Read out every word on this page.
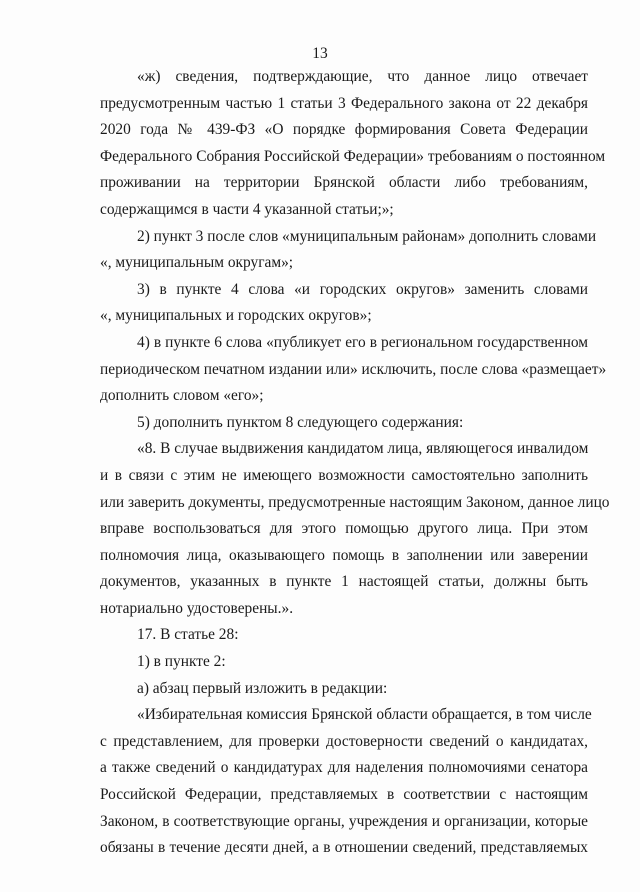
13
«ж) сведения, подтверждающие, что данное лицо отвечает
предусмотренным частью 1 статьи 3 Федерального закона от 22 декабря
2020 года № 439-ФЗ «О порядке формирования Совета Федерации
Федерального Собрания Российской Федерации» требованиям о постоянном
проживании на территории Брянской области либо требованиям,
содержащимся в части 4 указанной статьи;»;
2) пункт 3 после слов «муниципальным районам» дополнить словами
«, муниципальным округам»;
3) в пункте 4 слова «и городских округов» заменить словами
«, муниципальных и городских округов»;
4) в пункте 6 слова «публикует его в региональном государственном
периодическом печатном издании или» исключить, после слова «размещает»
дополнить словом «его»;
5) дополнить пунктом 8 следующего содержания:
«8. В случае выдвижения кандидатом лица, являющегося инвалидом
и в связи с этим не имеющего возможности самостоятельно заполнить
или заверить документы, предусмотренные настоящим Законом, данное лицо
вправе воспользоваться для этого помощью другого лица. При этом
полномочия лица, оказывающего помощь в заполнении или заверении
документов, указанных в пункте 1 настоящей статьи, должны быть
нотариально удостоверены.».
17. В статье 28:
1) в пункте 2:
а) абзац первый изложить в редакции:
«Избирательная комиссия Брянской области обращается, в том числе
с представлением, для проверки достоверности сведений о кандидатах,
а также сведений о кандидатурах для наделения полномочиями сенатора
Российской Федерации, представляемых в соответствии с настоящим
Законом, в соответствующие органы, учреждения и организации, которые
обязаны в течение десяти дней, а в отношении сведений, представляемых
